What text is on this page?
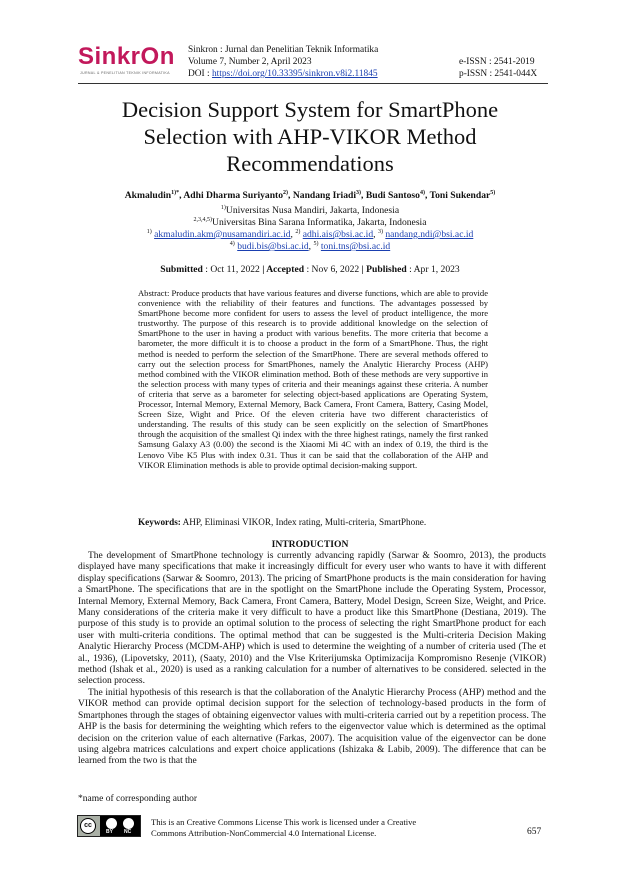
SinkrOn
JURNAL & PENELITIAN TEKNIK INFORMATIKA
Sinkron : Jurnal dan Penelitian Teknik Informatika
Volume 7, Number 2, April 2023
DOI : https://doi.org/10.33395/sinkron.v8i2.11845
e-ISSN : 2541-2019
p-ISSN : 2541-044X
Decision Support System for SmartPhone
Selection with AHP-VIKOR Method
Recommendations
Akmaludin$^{1)*}$, Adhi Dharma Suriyanto$^{2)}$, Nandang Iriadi$^{3)}$, Budi Santoso$^{4)}$, Toni Sukendar$^{5)}$
$^{1)}$Universitas Nusa Mandiri, Jakarta, Indonesia
$^{2,3,4,5)}$Universitas Bina Sarana Informatika, Jakarta, Indonesia
$^{1)}$ akmaludin.akm@nusamandiri.ac.id, $^{2)}$ adhi.ais@bsi.ac.id, $^{3)}$ nandang.ndi@bsi.ac.id
$^{4)}$ budi.bis@bsi.ac.id, $^{5)}$ toni.tns@bsi.ac.id
Submitted : Oct 11, 2022 | Accepted : Nov 6, 2022 | Published : Apr 1, 2023
Abstract: Produce products that have various features and diverse functions, which are able to provide convenience with the reliability of their features and functions. The advantages possessed by SmartPhone become more confident for users to assess the level of product intelligence, the more trustworthy. The purpose of this research is to provide additional knowledge on the selection of SmartPhone to the user in having a product with various benefits. The more criteria that become a barometer, the more difficult it is to choose a product in the form of a SmartPhone. Thus, the right method is needed to perform the selection of the SmartPhone. There are several methods offered to carry out the selection process for SmartPhones, namely the Analytic Hierarchy Process (AHP) method combined with the VIKOR elimination method. Both of these methods are very supportive in the selection process with many types of criteria and their meanings against these criteria. A number of criteria that serve as a barometer for selecting object-based applications are Operating System, Processor, Internal Memory, External Memory, Back Camera, Front Camera, Battery, Casing Model, Screen Size, Wight and Price. Of the eleven criteria have two different characteristics of understanding. The results of this study can be seen explicitly on the selection of SmartPhones through the acquisition of the smallest Qi index with the three highest ratings, namely the first ranked Samsung Galaxy A3 (0.00) the second is the Xiaomi Mi 4C with an index of 0.19, the third is the Lenovo Vibe K5 Plus with index 0.31. Thus it can be said that the collaboration of the AHP and VIKOR Elimination methods is able to provide optimal decision-making support.
Keywords: AHP, Eliminasi VIKOR, Index rating, Multi-criteria, SmartPhone.
INTRODUCTION

The development of SmartPhone technology is currently advancing rapidly (Sarwar & Soomro, 2013), the products displayed have many specifications that make it increasingly difficult for every user who wants to have it with different display specifications (Sarwar & Soomro, 2013). The pricing of SmartPhone products is the main consideration for having a SmartPhone. The specifications that are in the spotlight on the SmartPhone include the Operating System, Processor, Internal Memory, External Memory, Back Camera, Front Camera, Battery, Model Design, Screen Size, Weight, and Price. Many considerations of the criteria make it very difficult to have a product like this SmartPhone (Destiana, 2019). The purpose of this study is to provide an optimal solution to the process of selecting the right SmartPhone product for each user with multi-criteria conditions. The optimal method that can be suggested is the Multi-criteria Decision Making Analytic Hierarchy Process (MCDM-AHP) which is used to determine the weighting of a number of criteria used (The et al., 1936), (Lipovetsky, 2011), (Saaty, 2010) and the Vlse Kriterijumska Optimizacija Kompromisno Resenje (VIKOR) method (Ishak et al., 2020) is used as a ranking calculation for a number of alternatives to be considered. selected in the selection process.

The initial hypothesis of this research is that the collaboration of the Analytic Hierarchy Process (AHP) method and the VIKOR method can provide optimal decision support for the selection of technology-based products in the form of Smartphones through the stages of obtaining eigenvector values with multi-criteria carried out by a repetition process. The AHP is the basis for determining the weighting which refers to the eigenvector value which is determined as the optimal decision on the criterion value of each alternative (Farkas, 2007). The acquisition value of the eigenvector can be done using algebra matrices calculations and expert choice applications (Ishizaka & Labib, 2009). The difference that can be learned from the two is that the

*name of corresponding author
cc
BY NC
This is an Creative Commons License This work is licensed under a Creative
Commons Attribution-NonCommercial 4.0 International License.	657
